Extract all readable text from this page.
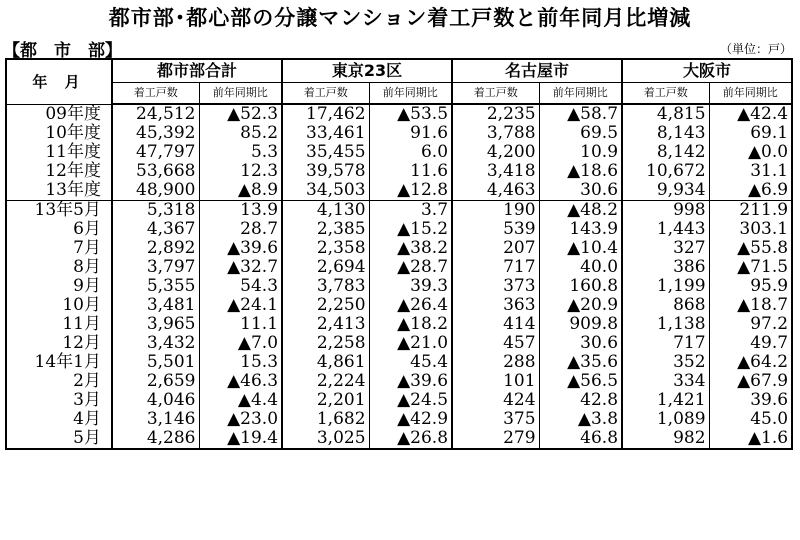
都市部･都心部の分譲マンション着工戸数と前年同月比増減
【都　市　部】	（単位：戸）
年 月	都市部合計		東京23区		名古屋市		大阪市	
	着工戸数	前年同期比	着工戸数	前年同期比	着工戸数	前年同期比	着工戸数	前年同期比
09年度	24,512	▲52.3	17,462	▲53.5	2,235	▲58.7	4,815	▲42.4
10年度	45,392	85.2	33,461	91.6	3,788	69.5	8,143	69.1
11年度	47,797	5.3	35,455	6.0	4,200	10.9	8,142	▲0.0
12年度	53,668	12.3	39,578	11.6	3,418	▲18.6	10,672	31.1
13年度	48,900	▲8.9	34,503	▲12.8	4,463	30.6	9,934	▲6.9
13年5月	5,318	13.9	4,130	3.7	190	▲48.2	998	211.9
6月	4,367	28.7	2,385	▲15.2	539	143.9	1,443	303.1
7月	2,892	▲39.6	2,358	▲38.2	207	▲10.4	327	▲55.8
8月	3,797	▲32.7	2,694	▲28.7	717	40.0	386	▲71.5
9月	5,355	54.3	3,783	39.3	373	160.8	1,199	95.9
10月	3,481	▲24.1	2,250	▲26.4	363	▲20.9	868	▲18.7
11月	3,965	11.1	2,413	▲18.2	414	909.8	1,138	97.2
12月	3,432	▲7.0	2,258	▲21.0	457	30.6	717	49.7
14年1月	5,501	15.3	4,861	45.4	288	▲35.6	352	▲64.2
2月	2,659	▲46.3	2,224	▲39.6	101	▲56.5	334	▲67.9
3月	4,046	▲4.4	2,201	▲24.5	424	42.8	1,421	39.6
4月	3,146	▲23.0	1,682	▲42.9	375	▲3.8	1,089	45.0
5月	4,286	▲19.4	3,025	▲26.8	279	46.8	982	▲1.6
